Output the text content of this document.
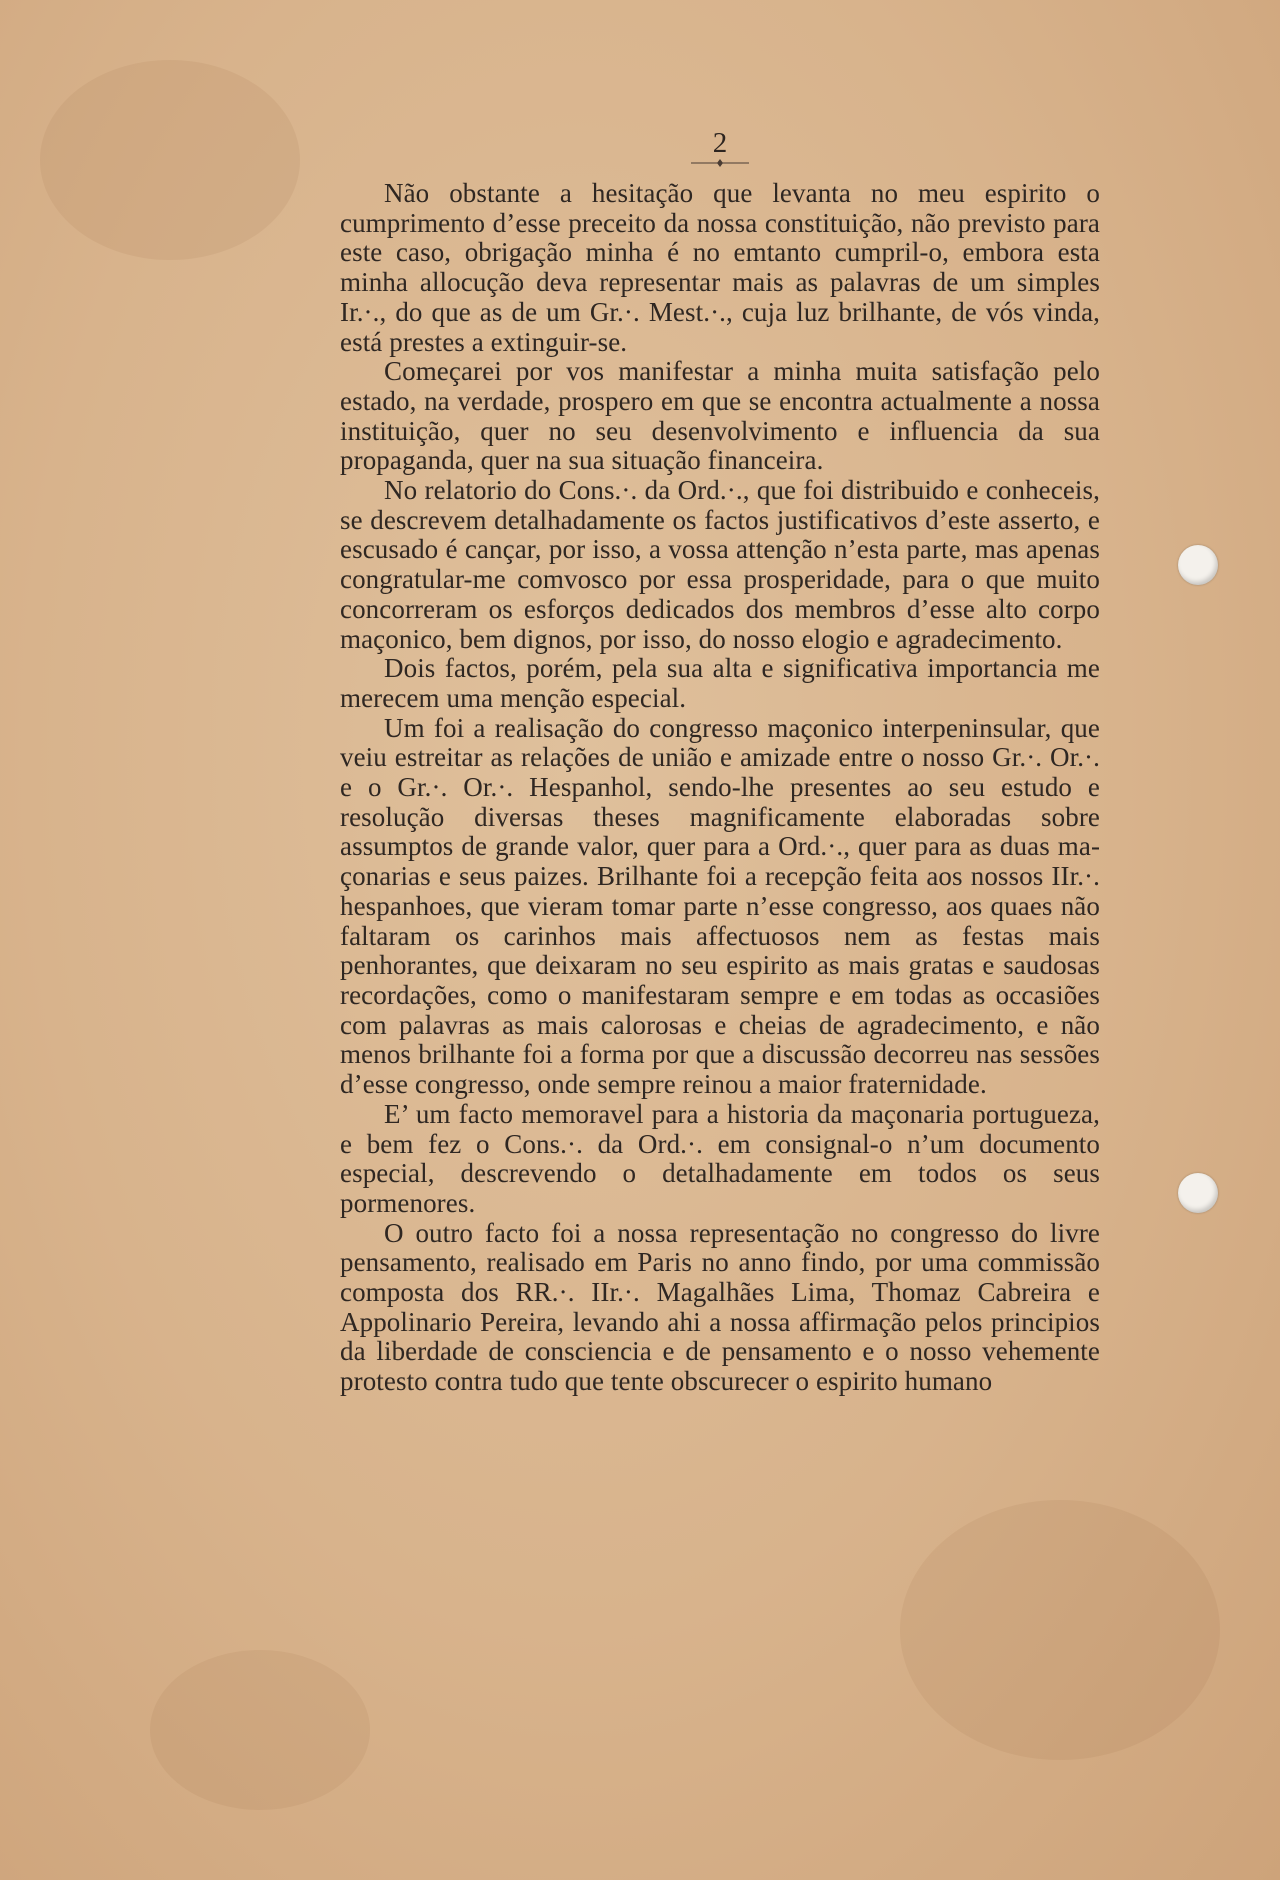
2

Não obstante a hesitação que levanta no meu espirito o cumprimento d’esse preceito da nossa constituição, não previsto para este caso, obrigação minha é no emtanto cumpril-o, embora esta minha allocução deva representar mais as palavras de um simples Ir.·., do que as de um Gr.·. Mest.·., cuja luz brilhante, de vós vinda, está prestes a extinguir-se.

Começarei por vos manifestar a minha muita satisfação pelo estado, na verdade, prospero em que se encontra actualmente a nossa instituição, quer no seu desenvolvimento e influencia da sua propaganda, quer na sua situação financeira.

No relatorio do Cons.·. da Ord.·., que foi distribuido e conheceis, se descrevem detalhadamente os factos justificativos d’este asserto, e escusado é cançar, por isso, a vossa attenção n’esta parte, mas apenas congratular-me comvosco por essa prosperidade, para o que muito concorreram os esforços dedicados dos membros d’esse alto corpo maçonico, bem dignos, por isso, do nosso elogio e agradecimento.

Dois factos, porém, pela sua alta e significativa importancia me merecem uma menção especial.

Um foi a realisação do congresso maçonico interpeninsular, que veiu estreitar as relações de união e amizade entre o nosso Gr.·. Or.·. e o Gr.·. Or.·. Hespanhol, sendo-lhe presentes ao seu estudo e resolução diversas theses magnificamente elaboradas sobre assumptos de grande valor, quer para a Ord.·., quer para as duas maçonarias e seus paizes. Brilhante foi a recepção feita aos nossos IIr.·. hespanhoes, que vieram tomar parte n’esse congresso, aos quaes não faltaram os carinhos mais affectuosos nem as festas mais penhorantes, que deixaram no seu espirito as mais gratas e saudosas recordações, como o manifestaram sempre e em todas as occasiões com palavras as mais calorosas e cheias de agradecimento, e não menos brilhante foi a forma por que a discussão decorreu nas sessões d’esse congresso, onde sempre reinou a maior fraternidade.

E’ um facto memoravel para a historia da maçonaria portugueza, e bem fez o Cons.·. da Ord.·. em consignal-o n’um documento especial, descrevendo o detalhadamente em todos os seus pormenores.

O outro facto foi a nossa representação no congresso do livre pensamento, realisado em Paris no anno findo, por uma commissão composta dos RR.·. IIr.·. Magalhães Lima, Thomaz Cabreira e Appolinario Pereira, levando ahi a nossa affirmação pelos principios da liberdade de consciencia e de pensamento e o nosso vehemente protesto contra tudo que tente obscurecer o espirito humano
